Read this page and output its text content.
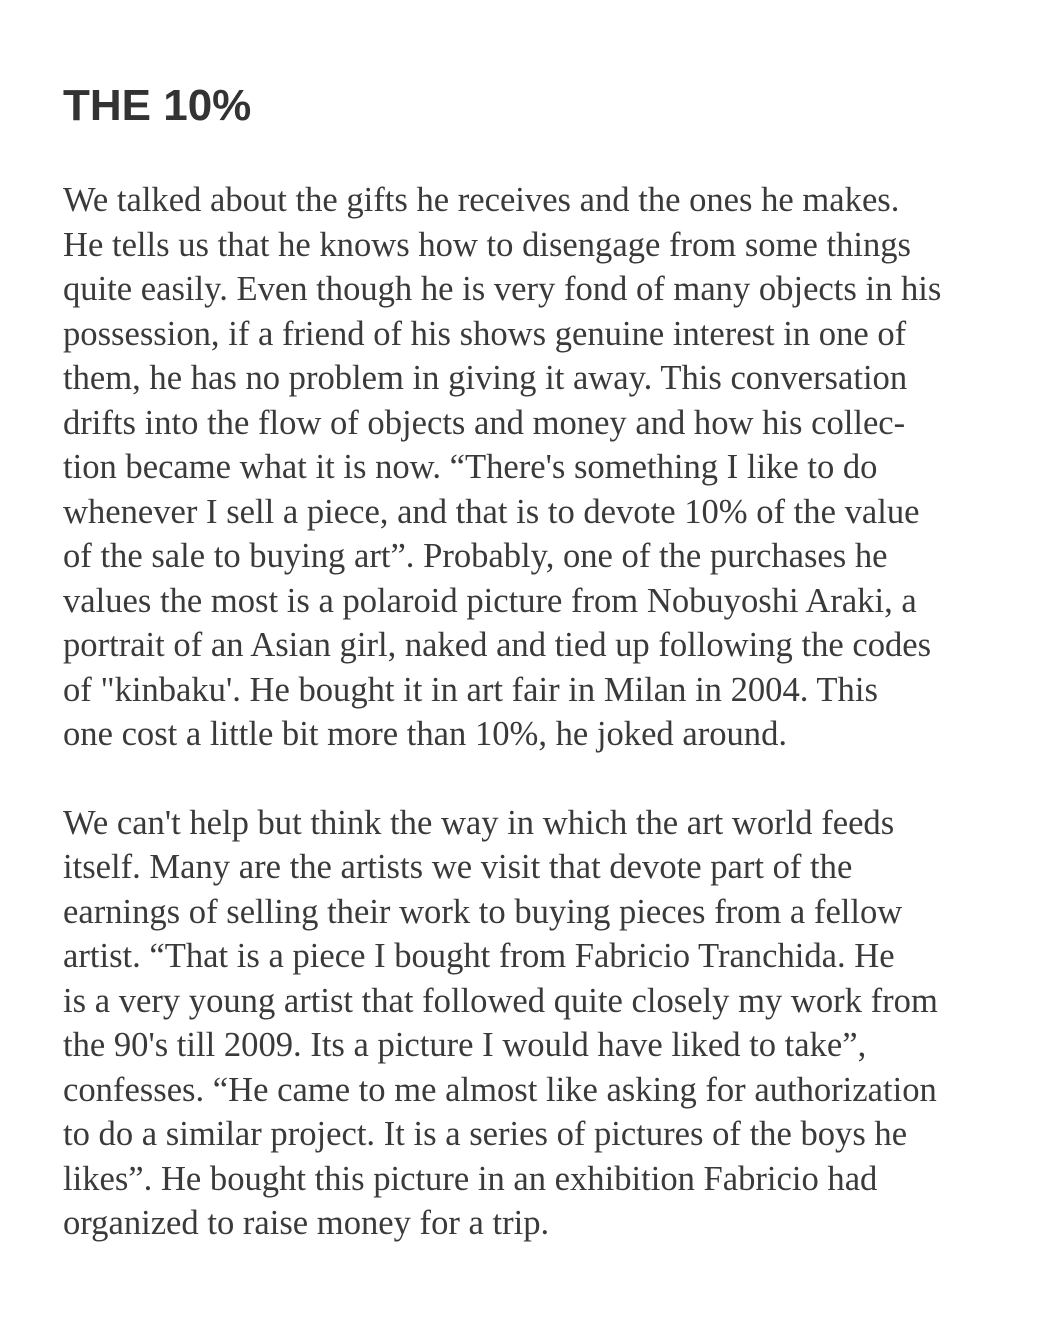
THE 10%

We talked about the gifts he receives and the ones he makes.
He tells us that he knows how to disengage from some things
quite easily. Even though he is very fond of many objects in his
possession, if a friend of his shows genuine interest in one of
them, he has no problem in giving it away. This conversation
drifts into the flow of objects and money and how his collec-
tion became what it is now. “There's something I like to do
whenever I sell a piece, and that is to devote 10% of the value
of the sale to buying art”. Probably, one of the purchases he
values the most is a polaroid picture from Nobuyoshi Araki, a
portrait of an Asian girl, naked and tied up following the codes
of "kinbaku'. He bought it in art fair in Milan in 2004. This
one cost a little bit more than 10%, he joked around.

We can't help but think the way in which the art world feeds
itself. Many are the artists we visit that devote part of the
earnings of selling their work to buying pieces from a fellow
artist. “That is a piece I bought from Fabricio Tranchida. He
is a very young artist that followed quite closely my work from
the 90's till 2009. Its a picture I would have liked to take”,
confesses. “He came to me almost like asking for authorization
to do a similar project. It is a series of pictures of the boys he
likes”. He bought this picture in an exhibition Fabricio had
organized to raise money for a trip.
